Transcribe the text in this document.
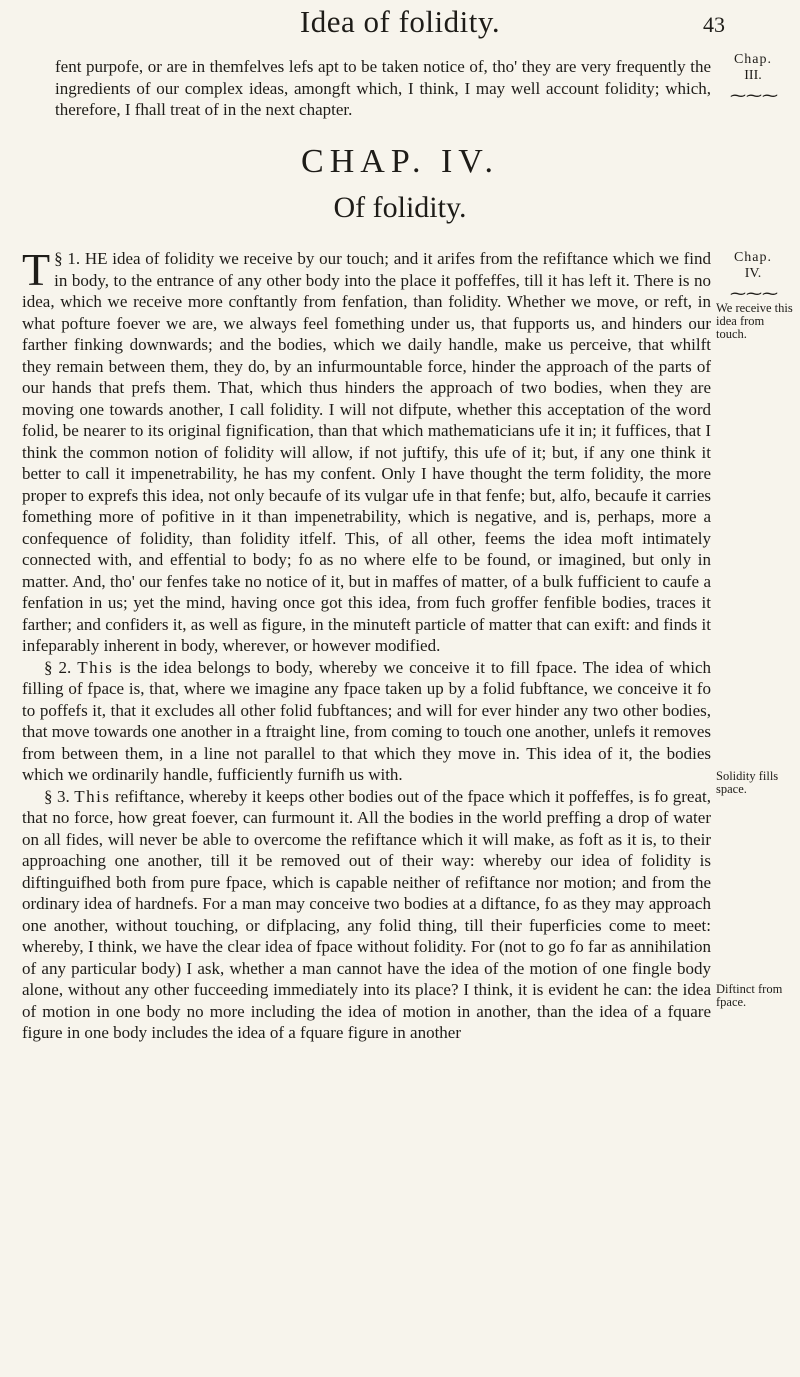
Idea of folidity.	43
Chap.
III.
⁓⁓⁓

fent purpofe, or are in themfelves lefs apt to be taken notice of, tho' they are very frequently the ingredients of our complex ideas, amongft which, I think, I may well account folidity; which, therefore, I fhall treat of in the next chapter.

CHAP. IV.
Of folidity.
Chap.
IV.
⁓⁓⁓
We receive this idea from touch.
Solidity fills space.
Diftinct from fpace.

§ 1.
T HE idea of folidity we receive by our touch; and it arifes from the refiftance which we find in body, to the entrance of any other body into the place it poffeffes, till it has left it. There is no idea, which we receive more conftantly from fenfation, than folidity. Whether we move, or reft, in what pofture foever we are, we always feel fomething under us, that fupports us, and hinders our farther finking downwards; and the bodies, which we daily handle, make us perceive, that whilft they remain between them, they do, by an infurmountable force, hinder the approach of the parts of our hands that prefs them. That, which thus hinders the approach of two bodies, when they are moving one towards another, I call folidity. I will not difpute, whether this acceptation of the word folid, be nearer to its original fignification, than that which mathematicians ufe it in; it fuffices, that I think the common notion of folidity will allow, if not juftify, this ufe of it; but, if any one think it better to call it impenetrability, he has my confent. Only I have thought the term folidity, the more proper to exprefs this idea, not only becaufe of its vulgar ufe in that fenfe; but, alfo, becaufe it carries fomething more of pofitive in it than impenetrability, which is negative, and is, perhaps, more a confequence of folidity, than folidity itfelf. This, of all other, feems the idea moft intimately connected with, and effential to body; fo as no where elfe to be found, or imagined, but only in matter. And, tho' our fenfes take no notice of it, but in maffes of matter, of a bulk fufficient to caufe a fenfation in us; yet the mind, having once got this idea, from fuch groffer fenfible bodies, traces it farther; and confiders it, as well as figure, in the minuteft particle of matter that can exift: and finds it infeparably inherent in body, wherever, or however modified.

§ 2. This is the idea belongs to body, whereby we conceive it to fill fpace. The idea of which filling of fpace is, that, where we imagine any fpace taken up by a folid fubftance, we conceive it fo to poffefs it, that it excludes all other folid fubftances; and will for ever hinder any two other bodies, that move towards one another in a ftraight line, from coming to touch one another, unlefs it removes from between them, in a line not parallel to that which they move in. This idea of it, the bodies which we ordinarily handle, fufficiently furnifh us with.

§ 3. This refiftance, whereby it keeps other bodies out of the fpace which it poffeffes, is fo great, that no force, how great foever, can furmount it. All the bodies in the world preffing a drop of water on all fides, will never be able to overcome the refiftance which it will make, as foft as it is, to their approaching one another, till it be removed out of their way: whereby our idea of folidity is diftinguifhed both from pure fpace, which is capable neither of refiftance nor motion; and from the ordinary idea of hardnefs. For a man may conceive two bodies at a diftance, fo as they may approach one another, without touching, or difplacing, any folid thing, till their fuperficies come to meet: whereby, I think, we have the clear idea of fpace without folidity. For (not to go fo far as annihilation of any particular body) I ask, whether a man cannot have the idea of the motion of one fingle body alone, without any other fucceeding immediately into its place? I think, it is evident he can: the idea of motion in one body no more including the idea of motion in another, than the idea of a fquare figure in one body includes the idea of a fquare figure in another
